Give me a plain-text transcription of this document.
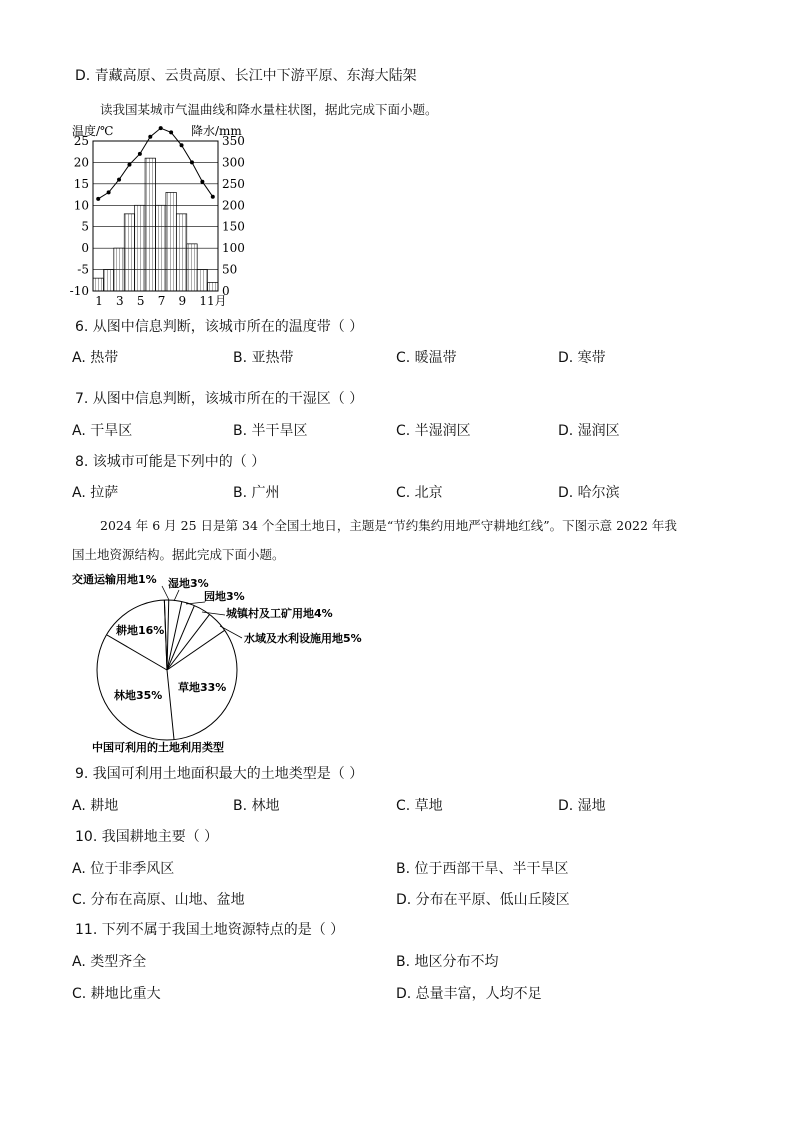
D. 青藏高原、云贵高原、长江中下游平原、东海大陆架
读我国某城市气温曲线和降水量柱状图，据此完成下面小题。
温度/℃	降水/mm
25
20
15
10
5
0
-5
-10
350
300
250
200
150
100
50
0
1 3 5 7 9 11月
6. 从图中信息判断，该城市所在的温度带（ ）
A. 热带	B. 亚热带	C. 暖温带	D. 寒带
7. 从图中信息判断，该城市所在的干湿区（ ）
A. 干旱区	B. 半干旱区	C. 半湿润区	D. 湿润区
8. 该城市可能是下列中的（ ）
A. 拉萨	B. 广州	C. 北京	D. 哈尔滨
2024 年 6 月 25 日是第 34 个全国土地日，主题是“节约集约用地严守耕地红线”。下图示意 2022 年我
国土地资源结构。据此完成下面小题。
交通运输用地1% 湿地3%
园地3%
城镇村及工矿用地4%
水域及水利设施用地5%
耕地16%
林地35%
草地33%
中国可利用的土地利用类型
9. 我国可利用土地面积最大的土地类型是（ ）
A. 耕地	B. 林地	C. 草地	D. 湿地
10. 我国耕地主要（ ）
A. 位于非季风区	B. 位于西部干旱、半干旱区
C. 分布在高原、山地、盆地	D. 分布在平原、低山丘陵区
11. 下列不属于我国土地资源特点的是（ ）
A. 类型齐全	B. 地区分布不均
C. 耕地比重大	D. 总量丰富，人均不足
